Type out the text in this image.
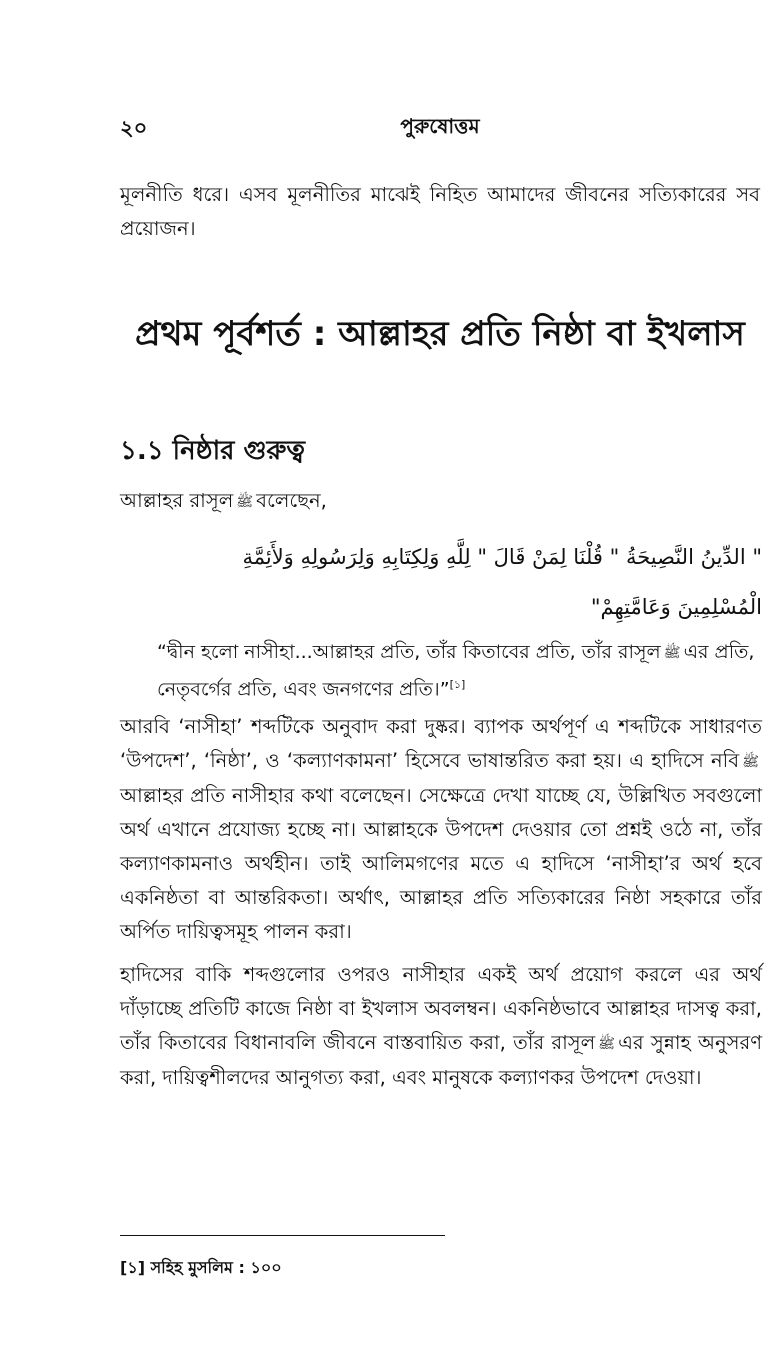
২০	পুরুষোত্তম

মূলনীতি ধরে। এসব মূলনীতির মাঝেই নিহিত আমাদের জীবনের সত্যিকারের সব প্রয়োজন।

প্রথম পূর্বশর্ত : আল্লাহর প্রতি নিষ্ঠা বা ইখলাস
১.১ নিষ্ঠার গুরুত্ব
আল্লাহর রাসূল ﷺ বলেছেন,
" الدِّينُ النَّصِيحَةُ " قُلْنَا لِمَنْ قَالَ " لِلَّهِ وَلِكِتَابِهِ وَلِرَسُولِهِ وَلأَئِمَّةِ
الْمُسْلِمِينَ وَعَامَّتِهِمْ"
“দ্বীন হলো নাসীহা...আল্লাহর প্রতি, তাঁর কিতাবের প্রতি, তাঁর রাসূল ﷺ এর প্রতি, নেতৃবর্গের প্রতি, এবং জনগণের প্রতি।”[১]

আরবি ‘নাসীহা’ শব্দটিকে অনুবাদ করা দুষ্কর। ব্যাপক অর্থপূর্ণ এ শব্দটিকে সাধারণত ‘উপদেশ’, ‘নিষ্ঠা’, ও ‘কল্যাণকামনা’ হিসেবে ভাষান্তরিত করা হয়। এ হাদিসে নবি ﷺআল্লাহর প্রতি নাসীহার কথা বলেছেন। সেক্ষেত্রে দেখা যাচ্ছে যে, উল্লিখিত সবগুলো অর্থ এখানে প্রযোজ্য হচ্ছে না। আল্লাহকে উপদেশ দেওয়ার তো প্রশ্নই ওঠে না, তাঁর কল্যাণকামনাও অর্থহীন। তাই আলিমগণের মতে এ হাদিসে ‘নাসীহা’র অর্থ হবে একনিষ্ঠতা বা আন্তরিকতা। অর্থাৎ, আল্লাহর প্রতি সত্যিকারের নিষ্ঠা সহকারে তাঁর অর্পিত দায়িত্বসমূহ পালন করা।

হাদিসের বাকি শব্দগুলোর ওপরও নাসীহার একই অর্থ প্রয়োগ করলে এর অর্থ দাঁড়াচ্ছে প্রতিটি কাজে নিষ্ঠা বা ইখলাস অবলম্বন। একনিষ্ঠভাবে আল্লাহর দাসত্ব করা, তাঁর কিতাবের বিধানাবলি জীবনে বাস্তবায়িত করা, তাঁর রাসূল ﷺ এর সুন্নাহ অনুসরণ করা, দায়িত্বশীলদের আনুগত্য করা, এবং মানুষকে কল্যাণকর উপদেশ দেওয়া।

[১] সহিহ মুসলিম : ১০০
